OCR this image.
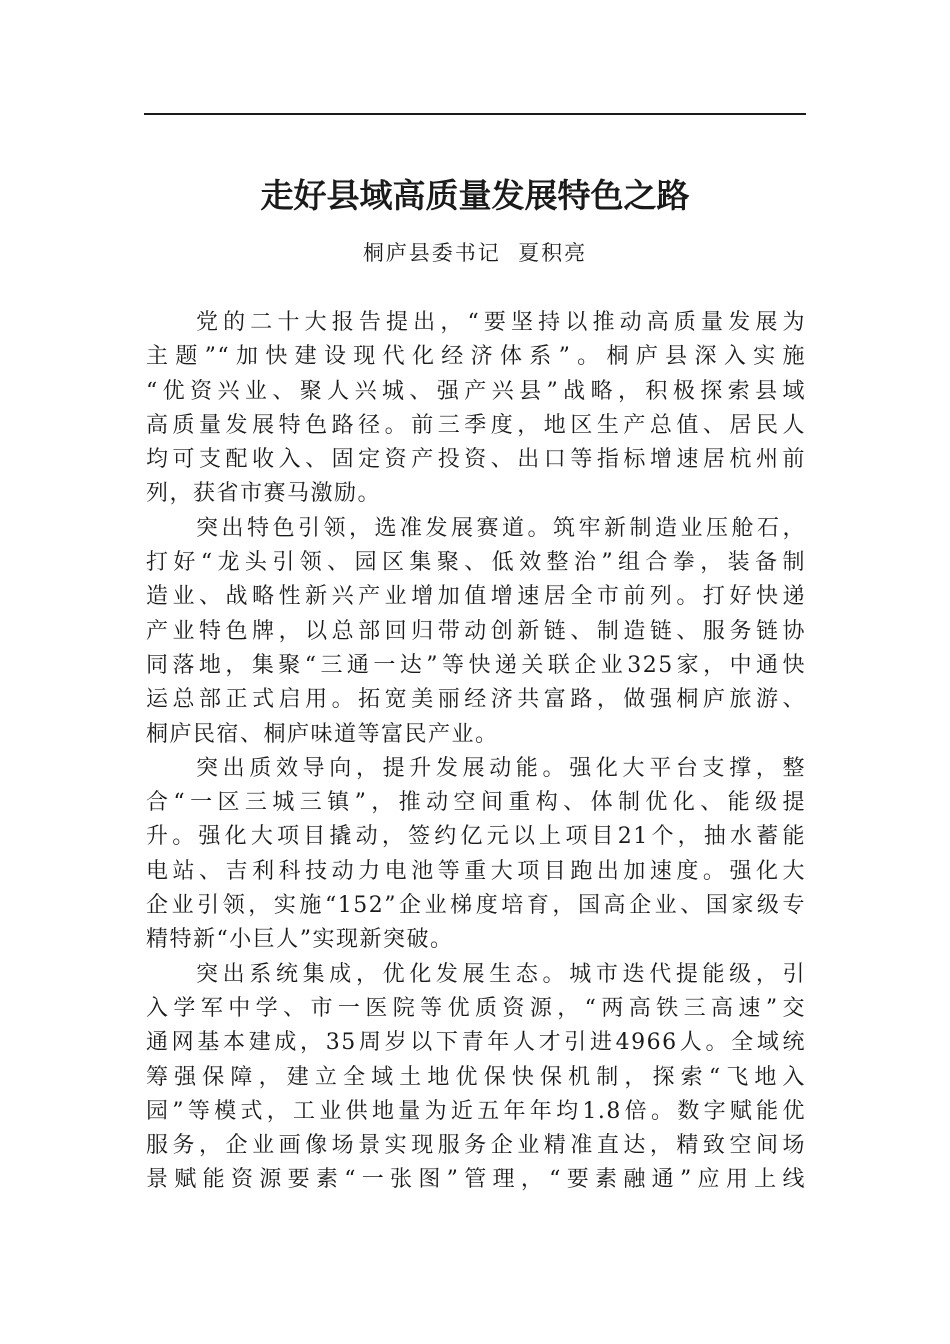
走好县域高质量发展特色之路
桐庐县委书记  夏积亮
党的二十大报告提出，“要坚持以推动高质量发展为
主题”“加快建设现代化经济体系”。桐庐县深入实施
“优资兴业、聚人兴城、强产兴县”战略，积极探索县域
高质量发展特色路径。前三季度，地区生产总值、居民人
均可支配收入、固定资产投资、出口等指标增速居杭州前
列，获省市赛马激励。
突出特色引领，选准发展赛道。筑牢新制造业压舱石，
打好“龙头引领、园区集聚、低效整治”组合拳，装备制
造业、战略性新兴产业增加值增速居全市前列。打好快递
产业特色牌，以总部回归带动创新链、制造链、服务链协
同落地，集聚“三通一达”等快递关联企业325家，中通快
运总部正式启用。拓宽美丽经济共富路，做强桐庐旅游、
桐庐民宿、桐庐味道等富民产业。
突出质效导向，提升发展动能。强化大平台支撑，整
合“一区三城三镇”，推动空间重构、体制优化、能级提
升。强化大项目撬动，签约亿元以上项目21个，抽水蓄能
电站、吉利科技动力电池等重大项目跑出加速度。强化大
企业引领，实施“152”企业梯度培育，国高企业、国家级专
精特新“小巨人”实现新突破。
突出系统集成，优化发展生态。城市迭代提能级，引
入学军中学、市一医院等优质资源，“两高铁三高速”交
通网基本建成，35周岁以下青年人才引进4966人。全域统
筹强保障，建立全域土地优保快保机制，探索“飞地入
园”等模式，工业供地量为近五年年均1.8倍。数字赋能优
服务，企业画像场景实现服务企业精准直达，精致空间场
景赋能资源要素“一张图”管理，“要素融通”应用上线
